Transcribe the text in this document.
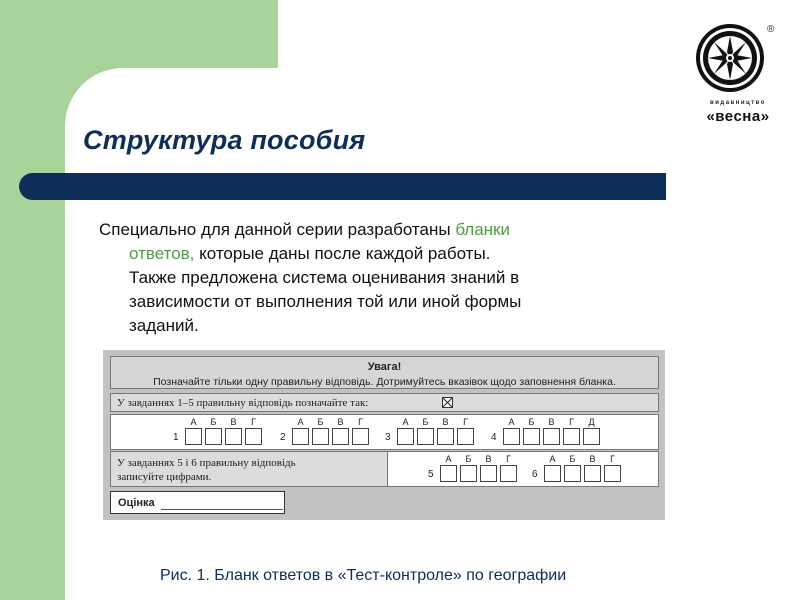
Структура пособия
®
видавництво
«весна»
Специально для данной серии разработаны бланки
ответов, которые даны после каждой работы.
Также предложена система оценивания знаний в
зависимости от выполнения той или иной формы
заданий.
Увага!
Позначайте тільки одну правильну відповідь. Дотримуйтесь вказівок щодо заповнення бланка.
У завданнях 1–5 правильну відповідь позначайте так:
1
А	Б	В	Г
2
А	Б	В	Г
3
А	Б	В	Г
4
А	Б	В	Г	Д
У завданнях 5 і 6 правильну відповідь
записуйте цифрами.	5
А	Б	В	Г
6
А	Б	В	Г
Оцінка
Рис. 1. Бланк ответов в «Тест-контроле» по географии
